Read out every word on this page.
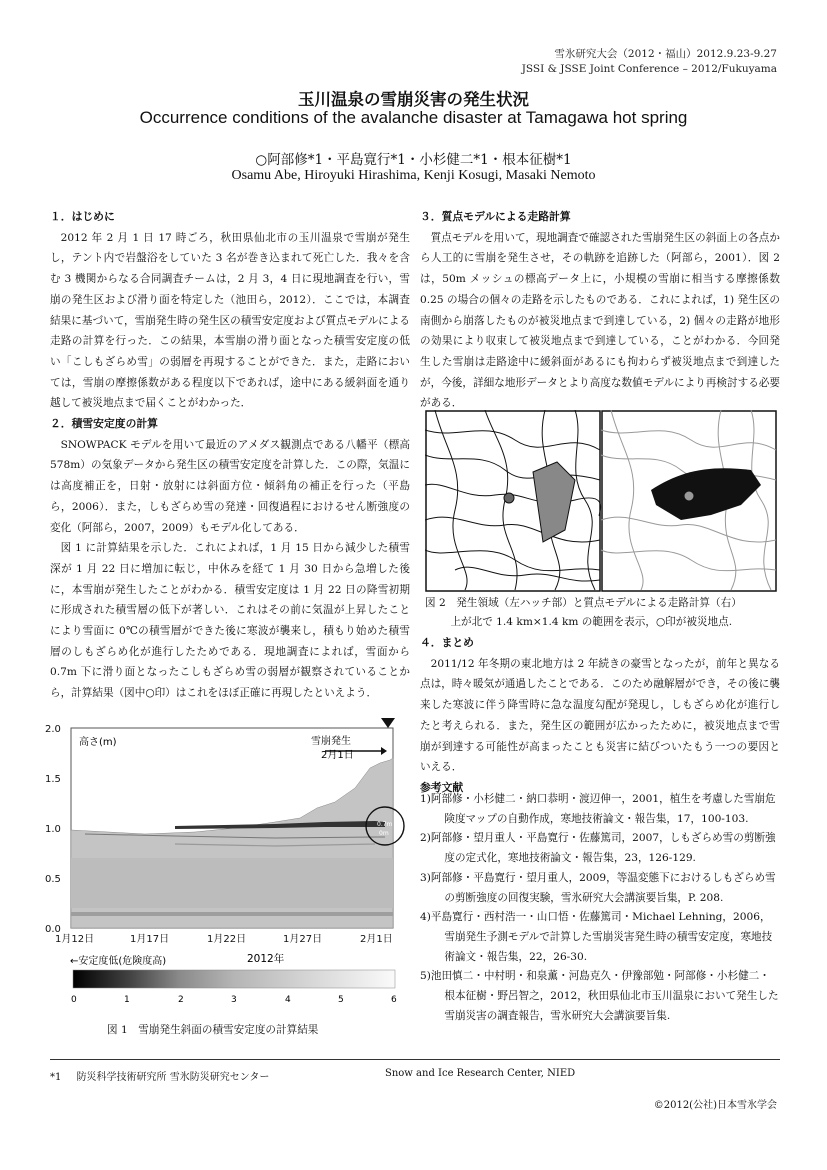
雪氷研究大会（2012・福山）2012.9.23-9.27
JSSI & JSSE Joint Conference – 2012/Fukuyama
玉川温泉の雪崩災害の発生状況
Occurrence conditions of the avalanche disaster at Tamagawa hot spring
○阿部修*1・平島寛行*1・小杉健二*1・根本征樹*1
Osamu Abe, Hiroyuki Hirashima, Kenji Kosugi, Masaki Nemoto
１．はじめに

2012 年 2 月 1 日 17 時ごろ，秋田県仙北市の玉川温泉で雪崩が発生し，テント内で岩盤浴をしていた 3 名が巻き込まれて死亡した．我々を含む 3 機関からなる合同調査チームは，2 月 3，4 日に現地調査を行い，雪崩の発生区および滑り面を特定した（池田ら，2012）．ここでは，本調査結果に基づいて，雪崩発生時の発生区の積雪安定度および質点モデルによる走路の計算を行った．この結果，本雪崩の滑り面となった積雪安定度の低い「こしもざらめ雪」の弱層を再現することができた．また，走路においては，雪崩の摩擦係数がある程度以下であれば，途中にある緩斜面を通り越して被災地点まで届くことがわかった．

２．積雪安定度の計算

SNOWPACK モデルを用いて最近のアメダス観測点である八幡平（標高 578m）の気象データから発生区の積雪安定度を計算した．この際，気温には高度補正を，日射・放射には斜面方位・傾斜角の補正を行った（平島ら，2006）．また，しもざらめ雪の発達・回復過程におけるせん断強度の変化（阿部ら，2007，2009）もモデル化してある．

図 1 に計算結果を示した．これによれば，1 月 15 日から減少した積雪深が 1 月 22 日に増加に転じ，中休みを経て 1 月 30 日から急増した後に，本雪崩が発生したことがわかる．積雪安定度は 1 月 22 日の降雪初期に形成された積雪層の低下が著しい．これはその前に気温が上昇したことにより雪面に 0℃の積雪層ができた後に寒波が襲来し，積もり始めた積雪層のしもざらめ化が進行したためである．現地調査によれば，雪面から 0.7m 下に滑り面となったこしもざらめ雪の弱層が観察されていることから，計算結果（図中○印）はこれをほぼ正確に再現したといえよう．

0.7m
0m
2.0
1.5
1.0
0.5
0.0
1月12日	1月17日	1月22日	1月27日	2月1日
高さ(m)	雪崩発生
2月1日
←安定度低(危険度高)	2012年
0	1	2	3	4	5	6
図 1　雪崩発生斜面の積雪安定度の計算結果
３．質点モデルによる走路計算

質点モデルを用いて，現地調査で確認された雪崩発生区の斜面上の各点から人工的に雪崩を発生させ，その軌跡を追跡した（阿部ら，2001）．図 2 は，50m メッシュの標高データ上に，小規模の雪崩に相当する摩擦係数 0.25 の場合の個々の走路を示したものである．これによれば，1) 発生区の南側から崩落したものが被災地点まで到達している，2) 個々の走路が地形の効果により収束して被災地点まで到達している，ことがわかる．今回発生した雪崩は走路途中に緩斜面があるにも拘わらず被災地点まで到達したが，今後，詳細な地形データとより高度な数値モデルにより再検討する必要がある．

図 2　発生領域（左ハッチ部）と質点モデルによる走路計算（右）
上が北で 1.4 km×1.4 km の範囲を表示，○印が被災地点.
４．まとめ

2011/12 年冬期の東北地方は 2 年続きの豪雪となったが，前年と異なる点は，時々暖気が通過したことである．このため融解層ができ，その後に襲来した寒波に伴う降雪時に急な温度勾配が発現し，しもざらめ化が進行したと考えられる．また，発生区の範囲が広かったために，被災地点まで雪崩が到達する可能性が高まったことも災害に結びついたもう一つの要因といえる．

参考文献
1)阿部修・小杉健二・納口恭明・渡辺伸一，2001，植生を考慮した雪崩危険度マップの自動作成，寒地技術論文・報告集，17，100-103.
2)阿部修・望月重人・平島寛行・佐藤篤司，2007，しもざらめ雪の剪断強度の定式化，寒地技術論文・報告集，23，126-129.
3)阿部修・平島寛行・望月重人，2009，等温変態下におけるしもざらめ雪の剪断強度の回復実験，雪氷研究大会講演要旨集，P. 208.
4)平島寛行・西村浩一・山口悟・佐藤篤司・Michael Lehning，2006，雪崩発生予測モデルで計算した雪崩災害発生時の積雪安定度，寒地技術論文・報告集，22，26-30.
5)池田慎二・中村明・和泉薫・河島克久・伊豫部勉・阿部修・小杉健二・根本征樹・野呂智之，2012，秋田県仙北市玉川温泉において発生した雪崩災害の調査報告，雪氷研究大会講演要旨集.
*1 防災科学技術研究所 雪氷防災研究センター	Snow and Ice Research Center, NIED
©2012(公社)日本雪氷学会
